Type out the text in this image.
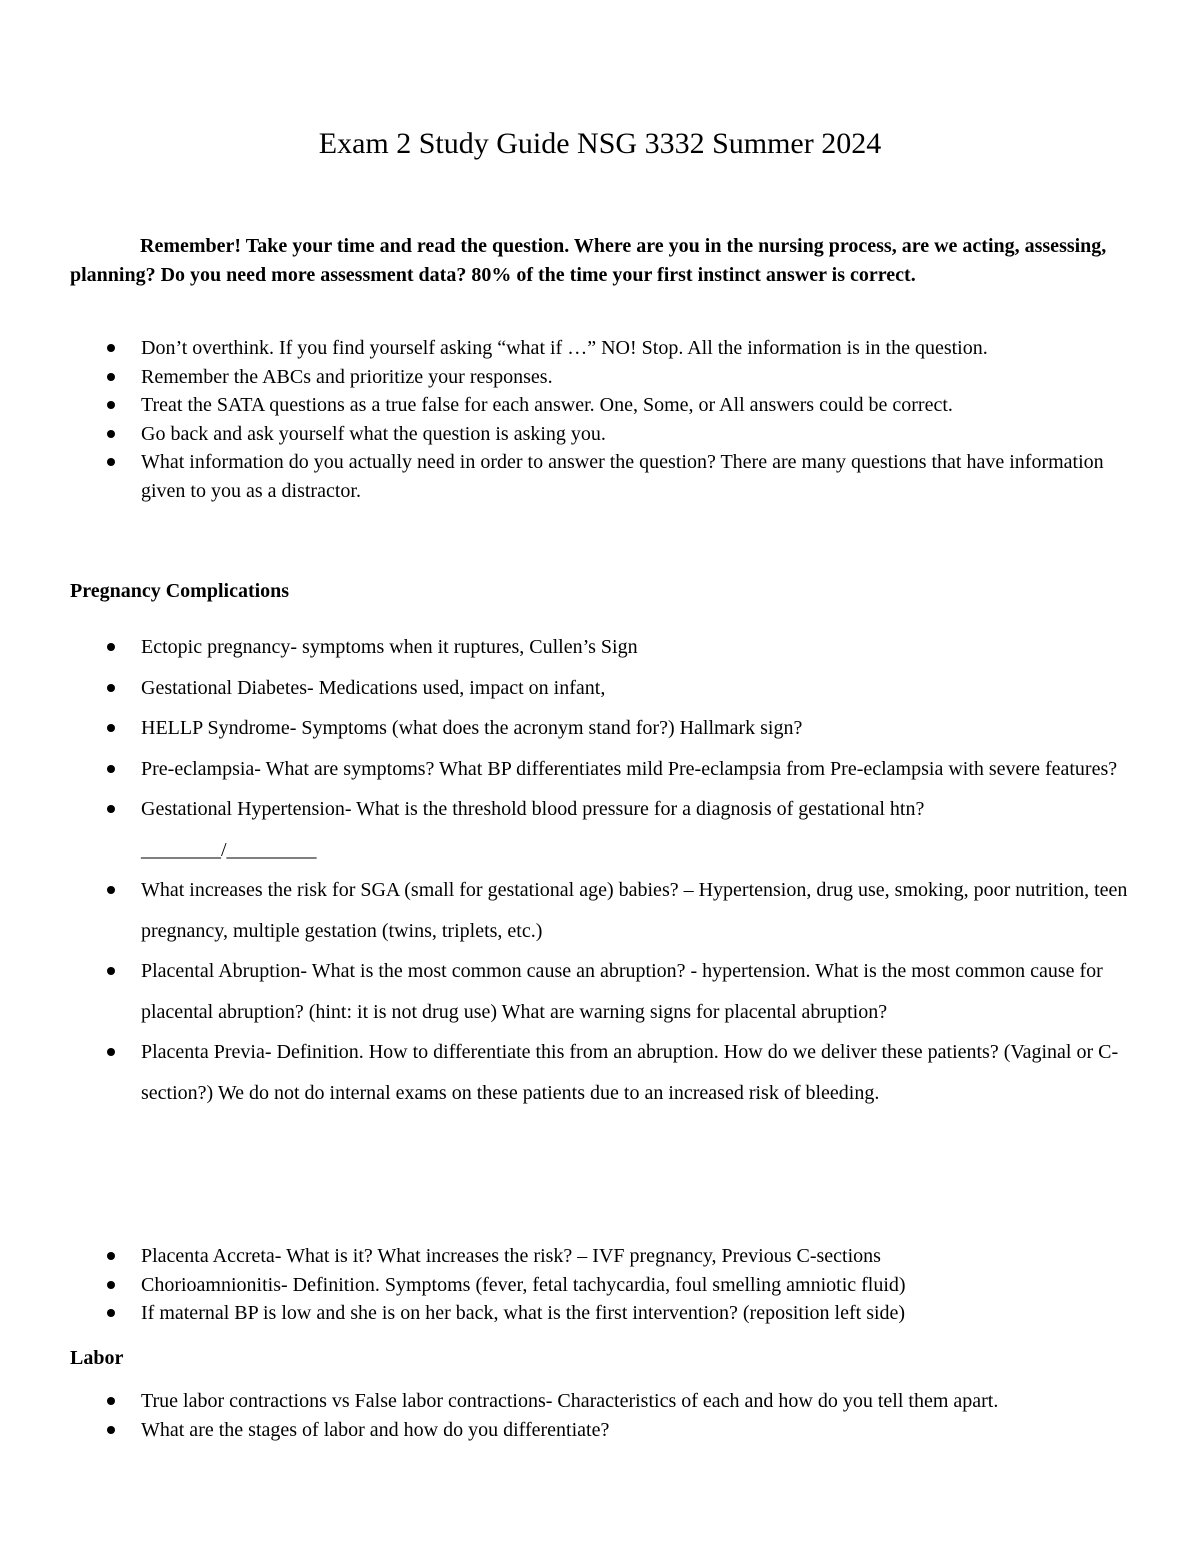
Exam 2 Study Guide NSG 3332 Summer 2024

Remember! Take your time and read the question. Where are you in the nursing process, are we acting, assessing, planning? Do you need more assessment data? 80% of the time your first instinct answer is correct.

Don’t overthink. If you find yourself asking “what if …” NO! Stop. All the information is in the question.
Remember the ABCs and prioritize your responses.
Treat the SATA questions as a true false for each answer. One, Some, or All answers could be correct.
Go back and ask yourself what the question is asking you.
What information do you actually need in order to answer the question? There are many questions that have information given to you as a distractor.
Pregnancy Complications
Ectopic pregnancy- symptoms when it ruptures, Cullen’s Sign
Gestational Diabetes- Medications used, impact on infant,
HELLP Syndrome- Symptoms (what does the acronym stand for?) Hallmark sign?
Pre-eclampsia- What are symptoms? What BP differentiates mild Pre-eclampsia from Pre-eclampsia with severe features?
Gestational Hypertension- What is the threshold blood pressure for a diagnosis of gestational htn?
________/_________
What increases the risk for SGA (small for gestational age) babies? – Hypertension, drug use, smoking, poor nutrition, teen pregnancy, multiple gestation (twins, triplets, etc.)
Placental Abruption- What is the most common cause an abruption? - hypertension. What is the most common cause for placental abruption? (hint: it is not drug use) What are warning signs for placental abruption?
Placenta Previa- Definition. How to differentiate this from an abruption. How do we deliver these patients? (Vaginal or C-section?) We do not do internal exams on these patients due to an increased risk of bleeding.
Placenta Accreta- What is it? What increases the risk? – IVF pregnancy, Previous C-sections
Chorioamnionitis- Definition. Symptoms (fever, fetal tachycardia, foul smelling amniotic fluid)
If maternal BP is low and she is on her back, what is the first intervention? (reposition left side)
Labor
True labor contractions vs False labor contractions- Characteristics of each and how do you tell them apart.
What are the stages of labor and how do you differentiate?
